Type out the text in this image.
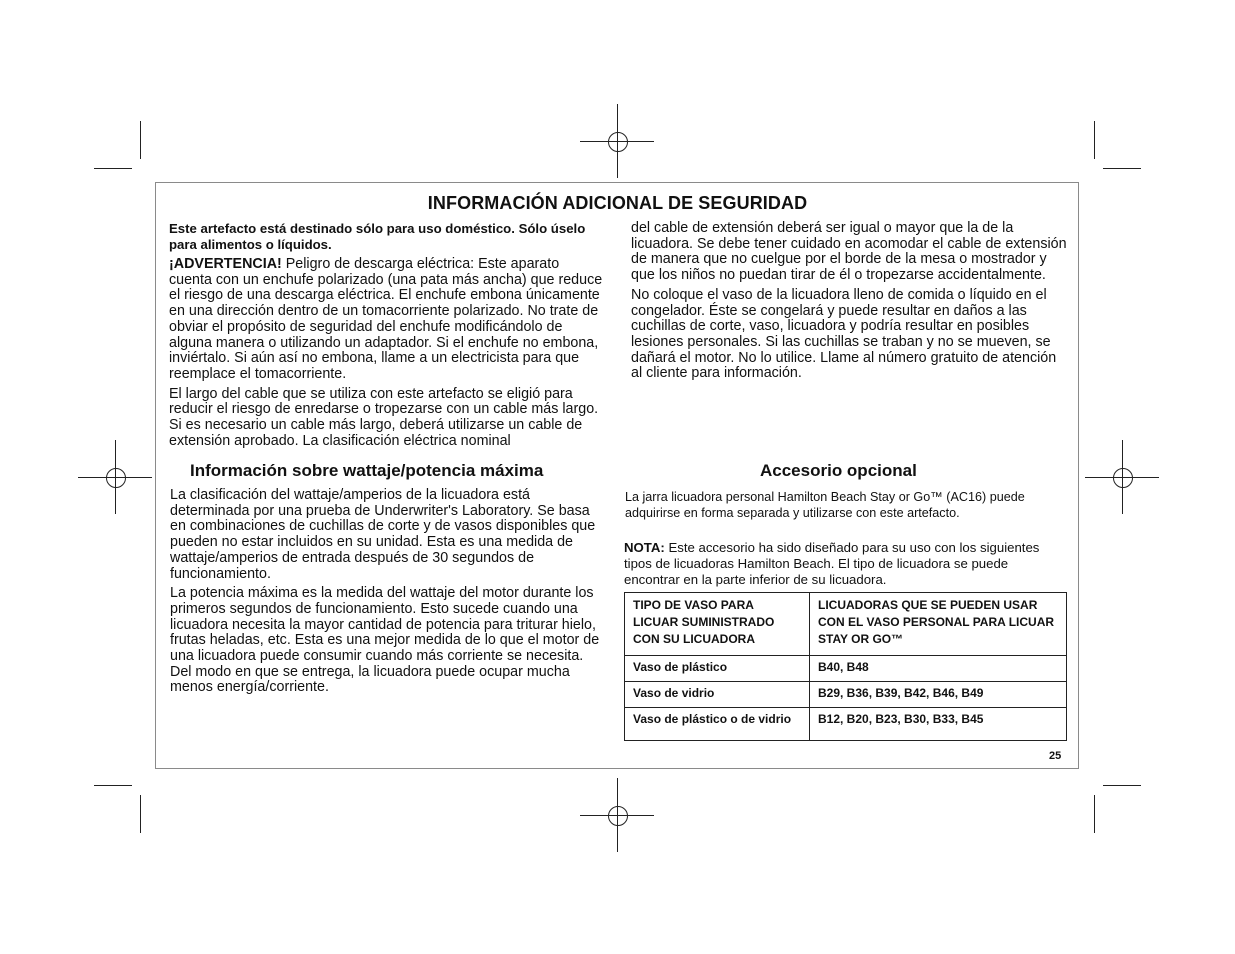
INFORMACIÓN ADICIONAL DE SEGURIDAD

Este artefacto está destinado sólo para uso doméstico. Sólo úselo para alimentos o líquidos.

¡ADVERTENCIA! Peligro de descarga eléctrica: Este aparato cuenta con un enchufe polarizado (una pata más ancha) que reduce el riesgo de una descarga eléctrica. El enchufe embona únicamente en una dirección dentro de un tomacorriente polarizado. No trate de obviar el propósito de seguridad del enchufe modificándolo de alguna manera o utilizando un adaptador. Si el enchufe no embona, inviértalo. Si aún así no embona, llame a un electricista para que reemplace el tomacorriente.

El largo del cable que se utiliza con este artefacto se eligió para reducir el riesgo de enredarse o tropezarse con un cable más largo. Si es necesario un cable más largo, deberá utilizarse un cable de extensión aprobado. La clasificación eléctrica nominal

del cable de extensión deberá ser igual o mayor que la de la licuadora. Se debe tener cuidado en acomodar el cable de extensión de manera que no cuelgue por el borde de la mesa o mostrador y que los niños no puedan tirar de él o tropezarse accidentalmente.

No coloque el vaso de la licuadora lleno de comida o líquido en el congelador. Éste se congelará y puede resultar en daños a las cuchillas de corte, vaso, licuadora y podría resultar en posibles lesiones personales. Si las cuchillas se traban y no se mueven, se dañará el motor. No lo utilice. Llame al número gratuito de atención al cliente para información.

Información sobre wattaje/potencia máxima

La clasificación del wattaje/amperios de la licuadora está determinada por una prueba de Underwriter's Laboratory. Se basa en combinaciones de cuchillas de corte y de vasos disponibles que pueden no estar incluidos en su unidad. Esta es una medida de wattaje/amperios de entrada después de 30 segundos de funcionamiento.

La potencia máxima es la medida del wattaje del motor durante los primeros segundos de funcionamiento. Esto sucede cuando una licuadora necesita la mayor cantidad de potencia para triturar hielo, frutas heladas, etc. Esta es una mejor medida de lo que el motor de una licuadora puede consumir cuando más corriente se necesita. Del modo en que se entrega, la licuadora puede ocupar mucha menos energía/corriente.

Accesorio opcional
La jarra licuadora personal Hamilton Beach Stay or Go™ (AC16) puede adquirirse en forma separada y utilizarse con este artefacto.
NOTA: Este accesorio ha sido diseñado para su uso con los siguientes tipos de licuadoras Hamilton Beach. El tipo de licuadora se puede encontrar en la parte inferior de su licuadora.
TIPO DE VASO PARA LICUAR SUMINISTRADO CON SU LICUADORA	LICUADORAS QUE SE PUEDEN USAR CON EL VASO PERSONAL PARA LICUAR STAY OR GO™
Vaso de plástico	B40, B48
Vaso de vidrio	B29, B36, B39, B42, B46, B49
Vaso de plástico o de vidrio	B12, B20, B23, B30, B33, B45
25
